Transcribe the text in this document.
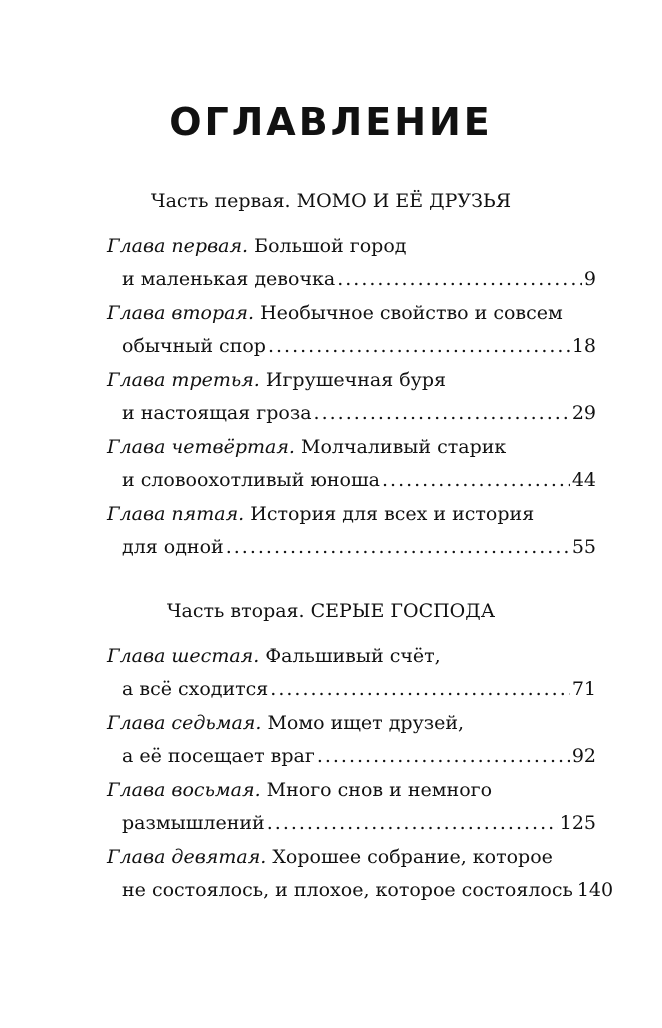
ОГЛАВЛЕНИЕ
Часть первая. МОМО И ЕЁ ДРУЗЬЯ
Глава первая. Большой город
и маленькая девочка .....	9
Глава вторая. Необычное свойство и совсем
обычный спор .....	18
Глава третья. Игрушечная буря
и настоящая гроза .....	29
Глава четвёртая. Молчаливый старик
и словоохотливый юноша .....	44
Глава пятая. История для всех и история
для одной .....	55
Часть вторая. СЕРЫЕ ГОСПОДА
Глава шестая. Фальшивый счёт,
а всё сходится .....	71
Глава седьмая. Момо ищет друзей,
а её посещает враг .....	92
Глава восьмая. Много снов и немного
размышлений .....	125
Глава девятая. Хорошее собрание, которое
не состоялось, и плохое, которое состоялось 140
